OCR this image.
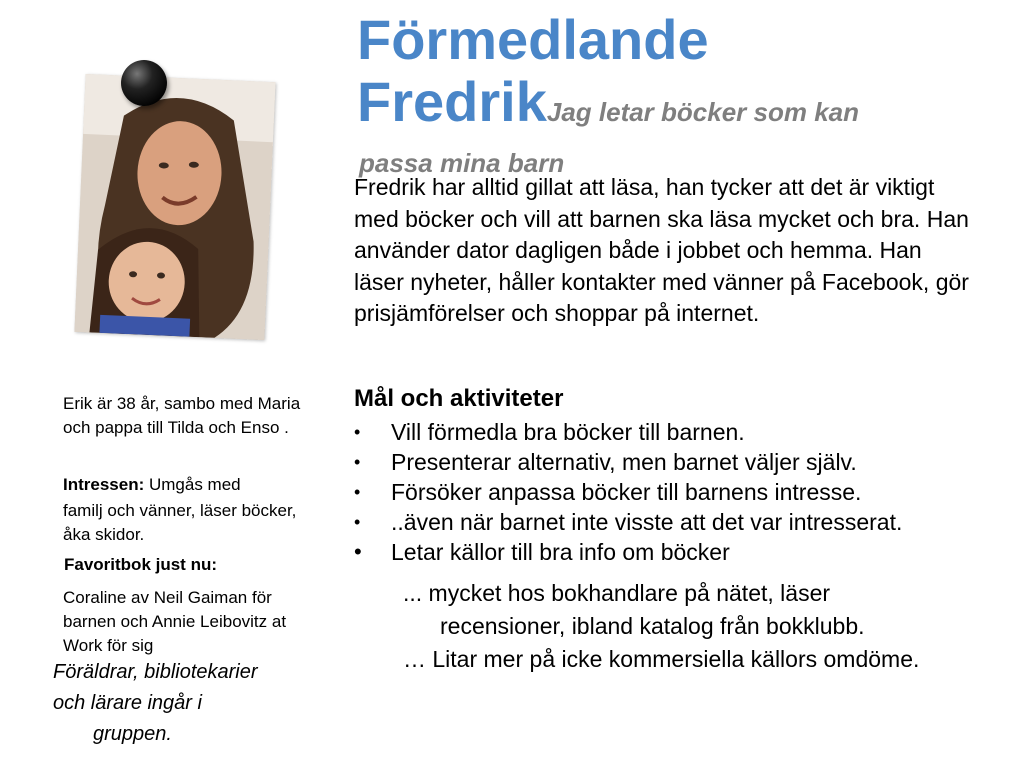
Förmedlande
FredrikJag letar böcker som kan
passa mina barn
Fredrik har alltid gillat att läsa, han tycker att det är viktigt med böcker och vill att barnen ska läsa mycket och bra. Han använder dator dagligen både i jobbet och hemma. Han läser nyheter, håller kontakter med vänner på Facebook, gör prisjämförelser och shoppar på internet.
Erik är 38 år, sambo med Maria och pappa till Tilda och Enso .
Intressen: Umgås med
familj och vänner, läser böcker, åka skidor.
Favoritbok just nu:
Coraline av Neil Gaiman för barnen och Annie Leibovitz at Work för sig
Föräldrar, bibliotekarier
och lärare ingår i
gruppen.
Mål och aktiviteter
• Vill förmedla bra böcker till barnen.
• Presenterar alternativ, men barnet väljer själv.
• Försöker anpassa böcker till barnens intresse.
• ..även när barnet inte visste att det var intresserat.
• Letar källor till bra info om böcker
... mycket hos bokhandlare på nätet, läser
recensioner, ibland katalog från bokklubb.
… Litar mer på icke kommersiella källors omdöme.
